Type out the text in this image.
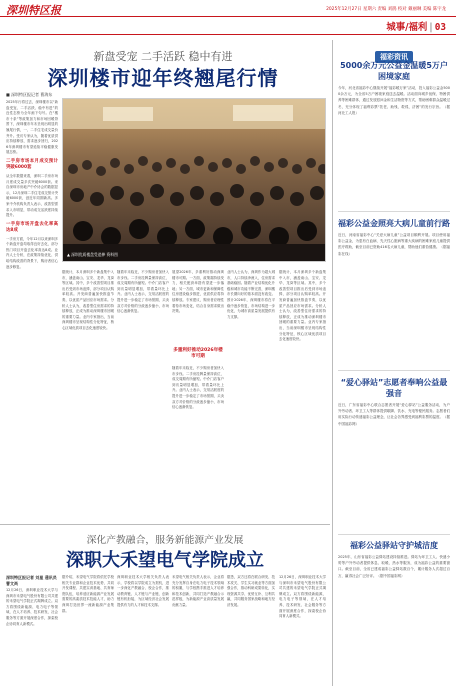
深圳特区报	2025年12月27日 星期六 责编 刘鹃 校对 戴丽琳 美编 陈宇龙
城事/福利 | 03
新盘受宠 二手活跃 稳中有进
深圳楼市迎年终翘尾行情
■ 深圳特区报记者 曹海东

2025年行将过去，深圳楼市以“新盘受宠、二手活跃、稳中有进”的良性态势为全年画下句号。在“楼市十条”等政策加力和市场回暖背景下，深圳楼市年末呈现出明显的翘尾行情，一、二手住宅成交量价齐升。受访专家认为，随着优质供应持续释放、需求逐步回归，2026年深圳楼市有望延续平稳健康发展态势。

二手房市场本月成交预计突破6000套

从全年数据来看，深圳二手房市场月度成交量多次突破6000套。来自深圳市房地产中介协会的数据显示，12月深圳二手住宅成交预计突破6000套，创近年同期新高。多家中介机构负责人表示，改善型需求入市明显，带动成交活跃度持续提升。

一手房市场开盘去化率高达8成

一手房方面，今年12月以来深圳多个新盘开盘均取得良好去化，部分热门项目开盘去化率高达8成。业内人士分析，在政策持续优化、供给结构改善的背景下，购房者信心逐步修复。

▲ 深圳优质楼盘受追捧 资料图
据统计，本月深圳多个新盘集中入市，涵盖南山、宝安、龙华、龙岗等区域。其中，多个改善型项目推出后受到市场追捧，部分项目认购率较高。开发商普遍加快推盘节奏，以优质产品回应市场需求。分析人士认为，改善型住房需求的持续释放，正成为推动深圳楼市回暖的重要力量。业内专家指出，当前深圳楼市呈现结构性分化特征，核心区域优质项目去化速度较快。
随着年末临近，不少购房者加快入市步伐。二手房挂牌量保持高位，成交周期有所缩短。中介门店客户到访量明显增加，带看量环比上升。业内人士表示，交易活跃度的提升进一步稳定了市场预期，买卖双方对价格的分歧逐步缩小，市场信心逐渐恢复。
多重利好推动2026年楼市可期
展望2026年，多重利好推动深圳楼市可期。一方面，政策端持续发力，相关配套举措有望进一步落地；另一方面，城市更新和保障性住房建设稳步推进，优质供应将持续释放。专家建议，购房者应理性看待市场变化，结合自身需求做出决策。
随着年末临近，不少购房者加快入市步伐。二手房挂牌量保持高位，成交周期有所缩短。中介门店客户到访量明显增加，带看量环比上升。业内人士表示，交易活跃度的提升进一步稳定了市场预期，买卖双方对价格的分歧逐步缩小，市场信心逐渐恢复。
业内人士认为，深圳作为超大城市，人口持续净流入，住房需求基础稳固。随着产业结构优化升级和城市功能不断完善，深圳楼市长期向好的基本面没有改变。预计2026年，深圳楼市将在平稳中逐步恢复，市场结构进一步优化，为城市高质量发展提供有力支撑。
据统计，本月深圳多个新盘集中入市，涵盖南山、宝安、龙华、龙岗等区域。其中，多个改善型项目推出后受到市场追捧，部分项目认购率较高。开发商普遍加快推盘节奏，以优质产品回应市场需求。分析人士认为，改善型住房需求的持续释放，正成为推动深圳楼市回暖的重要力量。业内专家指出，当前深圳楼市呈现结构性分化特征，核心区域优质项目去化速度较快。
深化产教融合，服务新能源产业发展
深职大禾望电气学院成立
深圳特区报记者 刘星 通讯员 曹文尚
12月26日，深圳职业技术大学与深圳市禾望电气股份有限公司共建的禾望电气学院正式揭牌成立。双方将围绕新能源、电力电子等领域，在人才培养、技术研发、社会服务等方面开展深度合作，探索校企协同育人新模式。
据介绍，禾望电气学院将依托学校相关专业群和企业技术优势，共同开发课程、共建实训基地、共育师资队伍，培养适应新能源产业发展需要的高素质技术技能人才，助力深圳打造世界一流新能源产业集群。
深圳职业技术大学相关负责人表示，学校将以学院成立为契机，进一步深化产教融合、校企合作，推动教育链、人才链与产业链、创新链有机衔接，为区域经济社会发展提供有力的人才和技术支撑。
禾望电气相关负责人表示，企业将充分发挥自身在电力电子技术领域的积累，与学校携手推进人才培养和技术创新，共同打造产教融合示范样板，为新能源产业高质量发展贡献力量。
据悉，双方还将在联合研发、技术攻关、学生实习就业等方面加强合作，推动科研成果转化，实现资源共享、优势互补、互利共赢，共同服务国家战略和地方经济发展。
12月26日，深圳职业技术大学与深圳市禾望电气股份有限公司共建的禾望电气学院正式揭牌成立。双方将围绕新能源、电力电子等领域，在人才培养、技术研发、社会服务等方面开展深度合作，探索校企协同育人新模式。
福彩资讯
5000余万元公益金温暖5万户困境家庭
今年，河北省福彩中心继续开展“福彩暖万家”活动，投入福彩公益金5000余万元，为全省5万户困境家庭送去温暖。活动面向城乡低保、特困供养等困难群体，通过发放慰问金和生活物资等方式，帮助困难群众温暖过冬，充分体现了福利彩票“扶老、助残、救孤、济困”的发行宗旨。（据河北工人报）
福彩公益金照亮大病儿童前行路
近日，河南省福彩中心“关爱大病儿童”公益项目顺利开展。项目使用福彩公益金，为患有白血病、先天性心脏病等重大疾病的困难家庭儿童提供医疗救助，截至目前已资助416名大病儿童，帮助他们重拾健康。（据福彩在线）
“爱心驿站”志愿者奉响公益最强音
近日，广东省福彩中心联合志愿者开展“爱心驿站”公益服务活动，为户外劳动者、环卫工人等群体提供歇脚、饮水、充电等便民服务。志愿者们用实际行动传递福彩公益理念，让社会各界感受到福利彩票的温度。（据中国福彩网）
福彩公益驿站守护城洁度
2025年，山东省福彩公益驿站建设持续推进。驿站为环卫工人、快递小哥等户外劳动者提供休息、取暖、热水等服务，成为福彩公益的重要窗口。截至目前，全省已建成福彩公益驿站数百个，累计服务人次超过百万，赢得社会广泛好评。（据中国福彩网）
